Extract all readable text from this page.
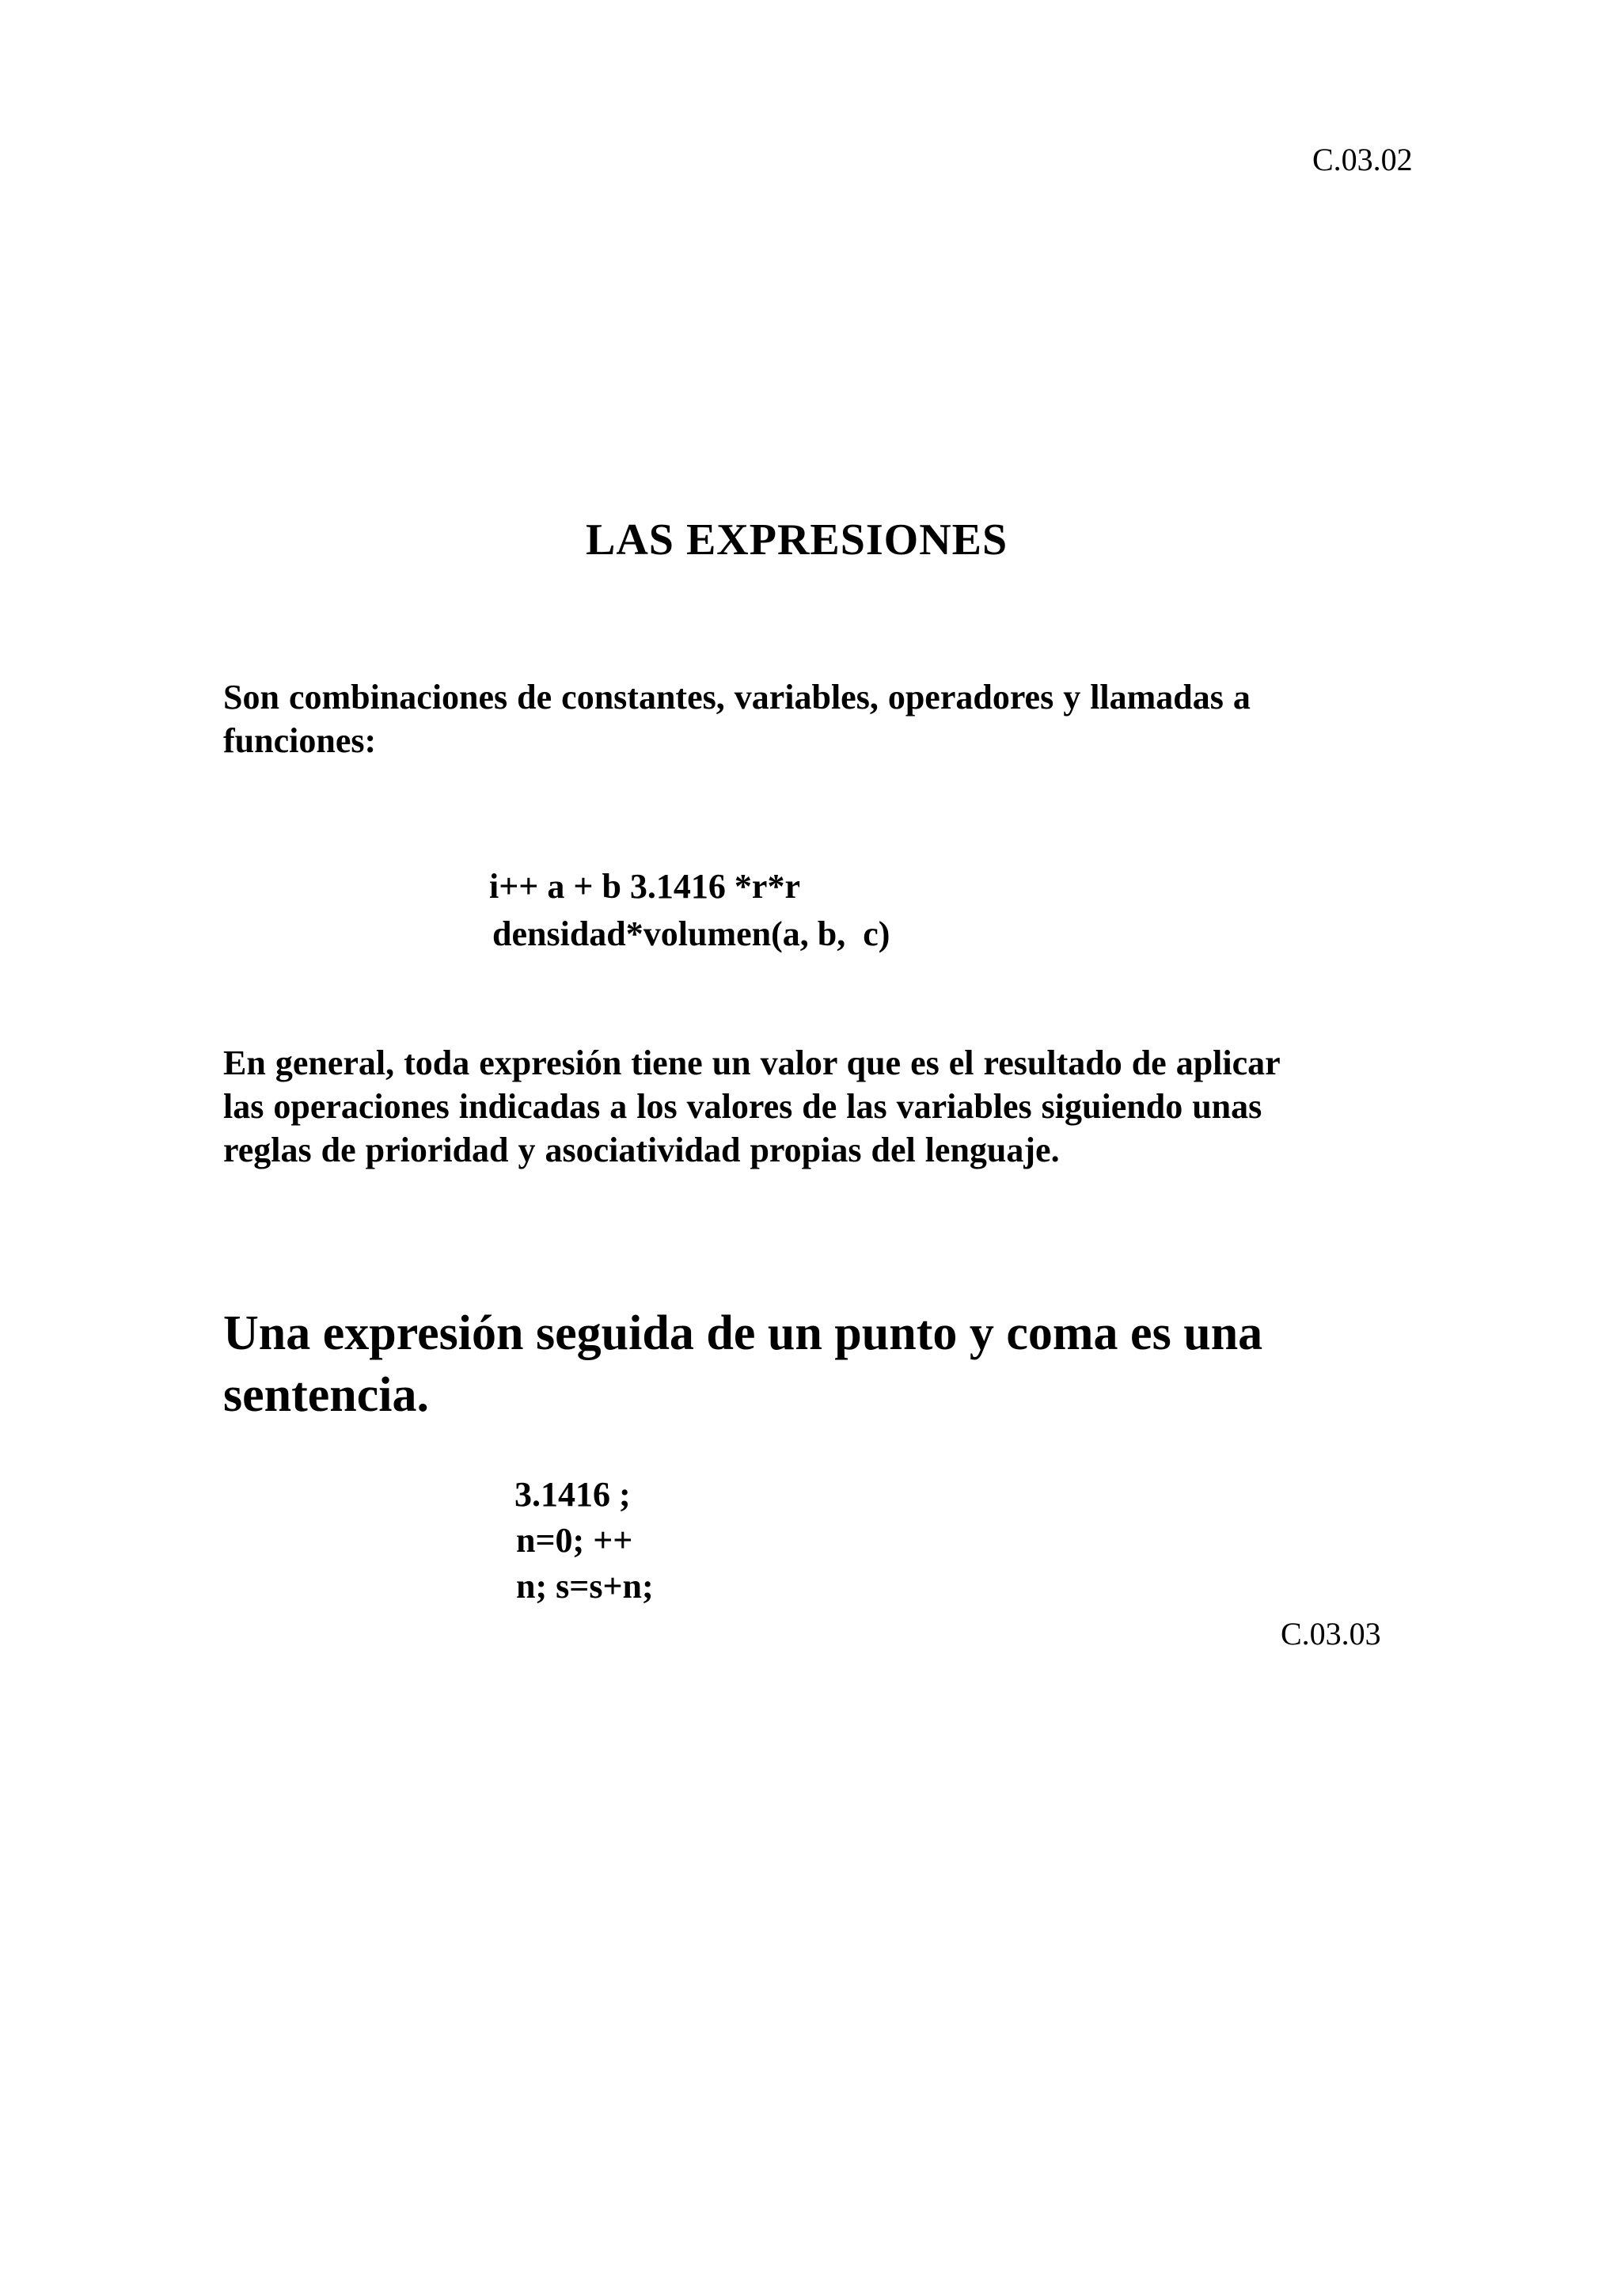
C.03.02

LAS EXPRESIONES

Son combinaciones de constantes, variables, operadores y llamadas a

funciones:

i++ a + b 3.1416 *r*r

densidad*volumen(a, b,  c)

En general, toda expresión tiene un valor que es el resultado de aplicar

las operaciones indicadas a los valores de las variables siguiendo unas

reglas de prioridad y asociatividad propias del lenguaje.

Una expresión seguida de un punto y coma es una

sentencia.

3.1416 ;

n=0; ++

n; s=s+n;

C.03.03
